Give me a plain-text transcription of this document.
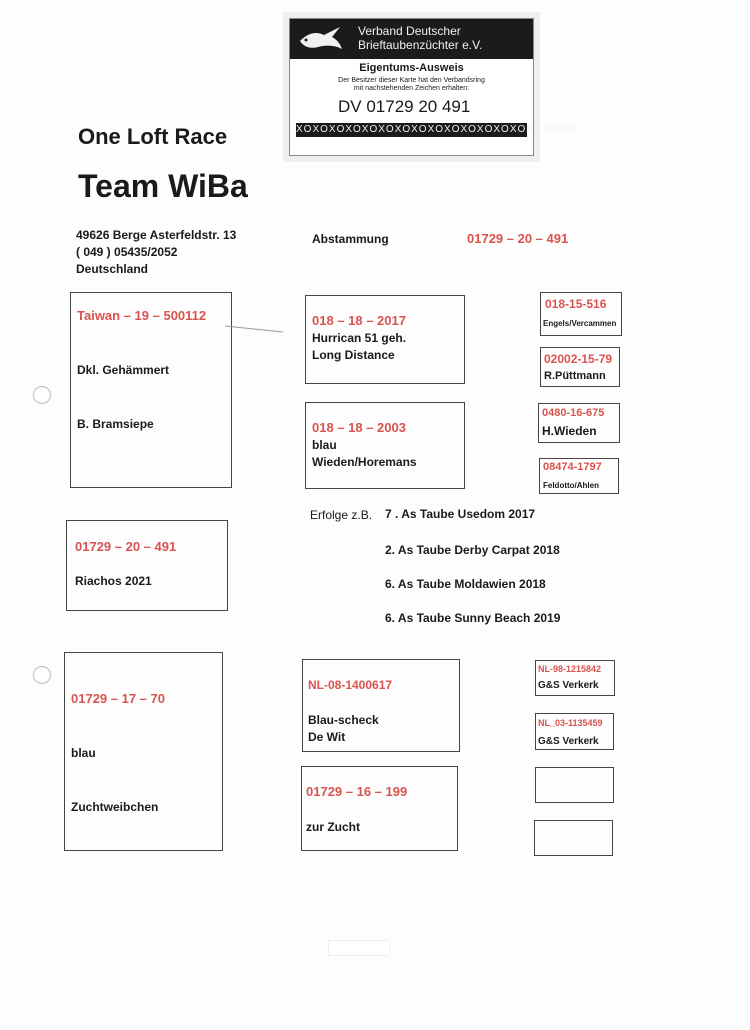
Verband Deutscher
Brieftaubenzüchter e.V.
Eigentums-Ausweis
Der Besitzer dieser Karte hat den Verbandsring
mit nachstehenden Zeichen erhalten:
DV 01729 20 491
XOXOXOXOXOXOXOXOXOXOXOXOXOXOXOXOXO
One Loft Race
Team WiBa
49626 Berge Asterfeldstr. 13
( 049 ) 05435/2052
Deutschland
Abstammung	01729 – 20 – 491
Taiwan – 19 – 500112
Dkl. Gehämmert
B. Bramsiepe
018 – 18 – 2017
Hurrican 51 geh.
Long Distance
018 – 18 – 2003
blau
Wieden/Horemans
018-15-516
Engels/Vercammen
02002-15-79
R.Püttmann
0480-16-675
H.Wieden
08474-1797
Feldotto/Ahlen
01729 – 20 – 491
Riachos 2021
Erfolge z.B. 7 . As Taube Usedom 2017
2. As Taube Derby Carpat 2018
6. As Taube Moldawien 2018
6. As Taube Sunny Beach 2019
01729 – 17 – 70
blau
Zuchtweibchen
NL-08-1400617
Blau-scheck
De Wit
01729 – 16 – 199
zur Zucht
NL-98-1215842
G&S Verkerk
NL_03-1135459
G&S Verkerk
